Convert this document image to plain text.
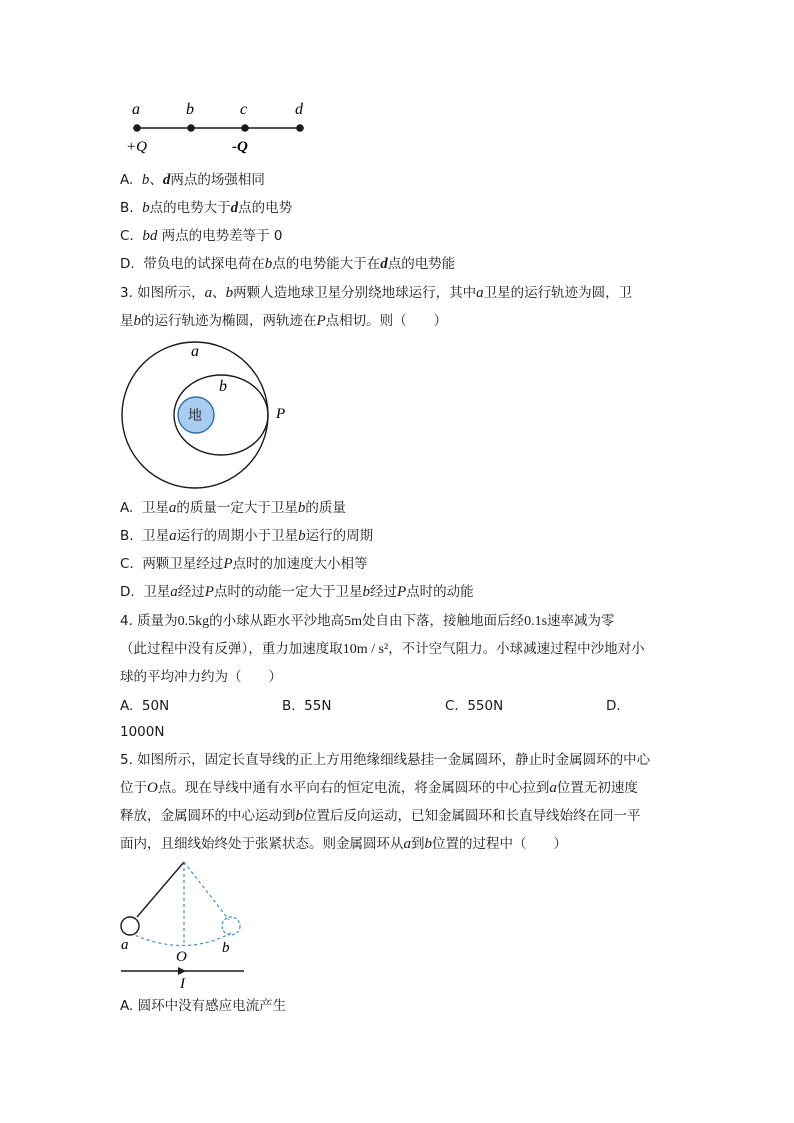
a	b	c	d
+Q	-Q
A. b、d两点的场强相同
B. b点的电势大于d点的电势
C. bd 两点的电势差等于 0
D. 带负电的试探电荷在b点的电势能大于在d点的电势能
3. 如图所示，a、b两颗人造地球卫星分别绕地球运行，其中a卫星的运行轨迹为圆，卫
星b的运行轨迹为椭圆，两轨迹在P点相切。则（　　）
地
a
b
P
A. 卫星a的质量一定大于卫星b的质量
B. 卫星a运行的周期小于卫星b运行的周期
C. 两颗卫星经过P点时的加速度大小相等
D. 卫星a经过P点时的动能一定大于卫星b经过P点时的动能
4. 质量为0.5kg的小球从距水平沙地高5m处自由下落，接触地面后经0.1s速率减为零
（此过程中没有反弹），重力加速度取10m / s²，不计空气阻力。小球减速过程中沙地对小
球的平均冲力约为（　　）
A. 50N	B. 55N	C. 550N	D.
1000N
5. 如图所示，固定长直导线的正上方用绝缘细线悬挂一金属圆环，静止时金属圆环的中心
位于O点。现在导线中通有水平向右的恒定电流，将金属圆环的中心拉到a位置无初速度
释放，金属圆环的中心运动到b位置后反向运动，已知金属圆环和长直导线始终在同一平
面内，且细线始终处于张紧状态。则金属圆环从a到b位置的过程中（　　）
a	b
O
I
A. 圆环中没有感应电流产生
